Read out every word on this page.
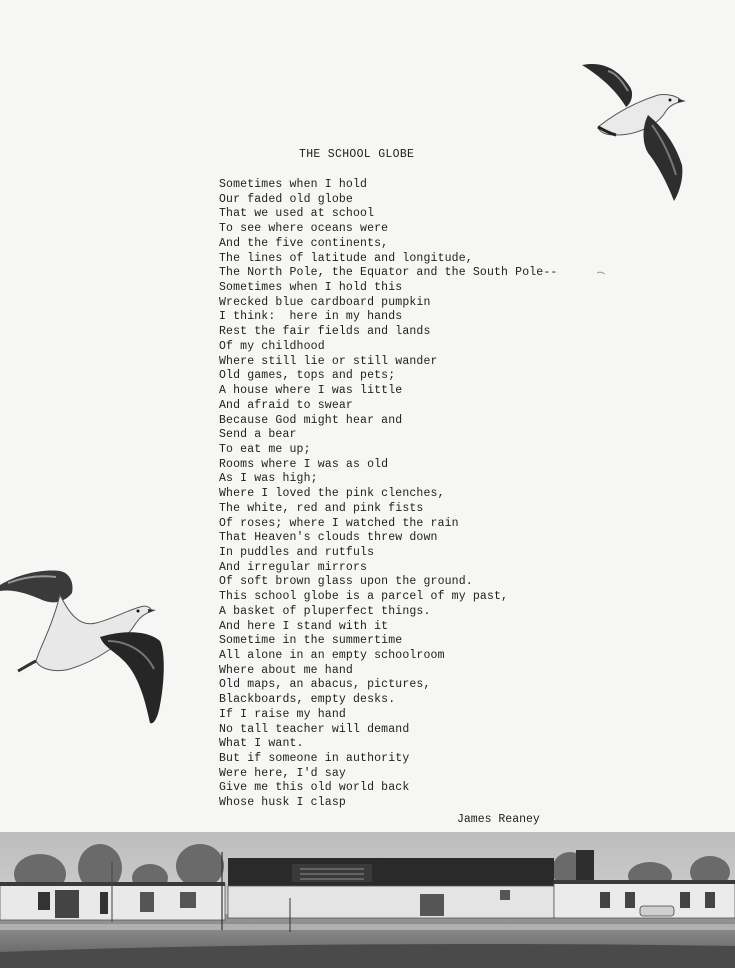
THE SCHOOL GLOBE
Sometimes when I hold
Our faded old globe
That we used at school
To see where oceans were
And the five continents,
The lines of latitude and longitude,
The North Pole, the Equator and the South Pole--
Sometimes when I hold this
Wrecked blue cardboard pumpkin
I think:  here in my hands
Rest the fair fields and lands
Of my childhood
Where still lie or still wander
Old games, tops and pets;
A house where I was little
And afraid to swear
Because God might hear and
Send a bear
To eat me up;
Rooms where I was as old
As I was high;
Where I loved the pink clenches,
The white, red and pink fists
Of roses; where I watched the rain
That Heaven's clouds threw down
In puddles and rutfuls
And irregular mirrors
Of soft brown glass upon the ground.
This school globe is a parcel of my past,
A basket of pluperfect things.
And here I stand with it
Sometime in the summertime
All alone in an empty schoolroom
Where about me hand
Old maps, an abacus, pictures,
Blackboards, empty desks.
If I raise my hand
No tall teacher will demand
What I want.
But if someone in authority
Were here, I'd say
Give me this old world back
Whose husk I clasp
James Reaney
